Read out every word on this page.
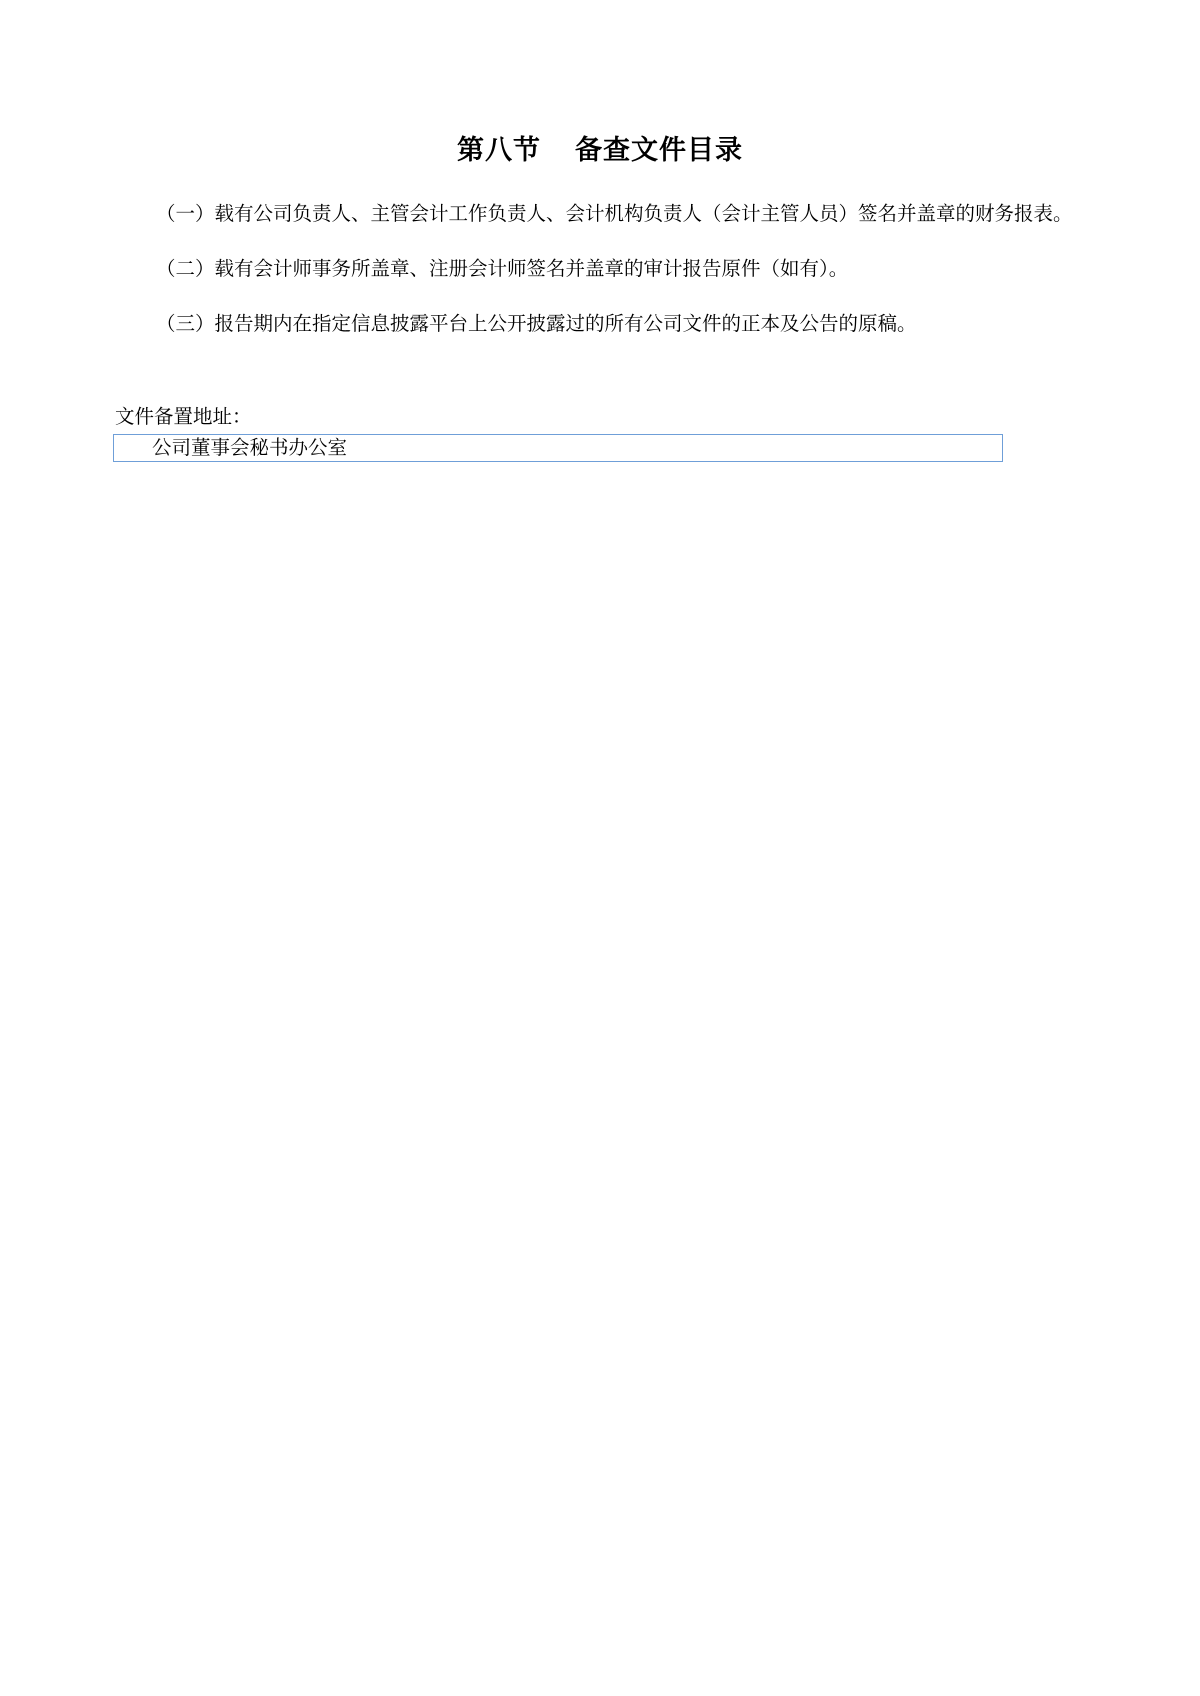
第八节    备查文件目录

（一）载有公司负责人、主管会计工作负责人、会计机构负责人（会计主管人员）签名并盖章的财务报表。

（二）载有会计师事务所盖章、注册会计师签名并盖章的审计报告原件（如有）。

（三）报告期内在指定信息披露平台上公开披露过的所有公司文件的正本及公告的原稿。

文件备置地址：
公司董事会秘书办公室
